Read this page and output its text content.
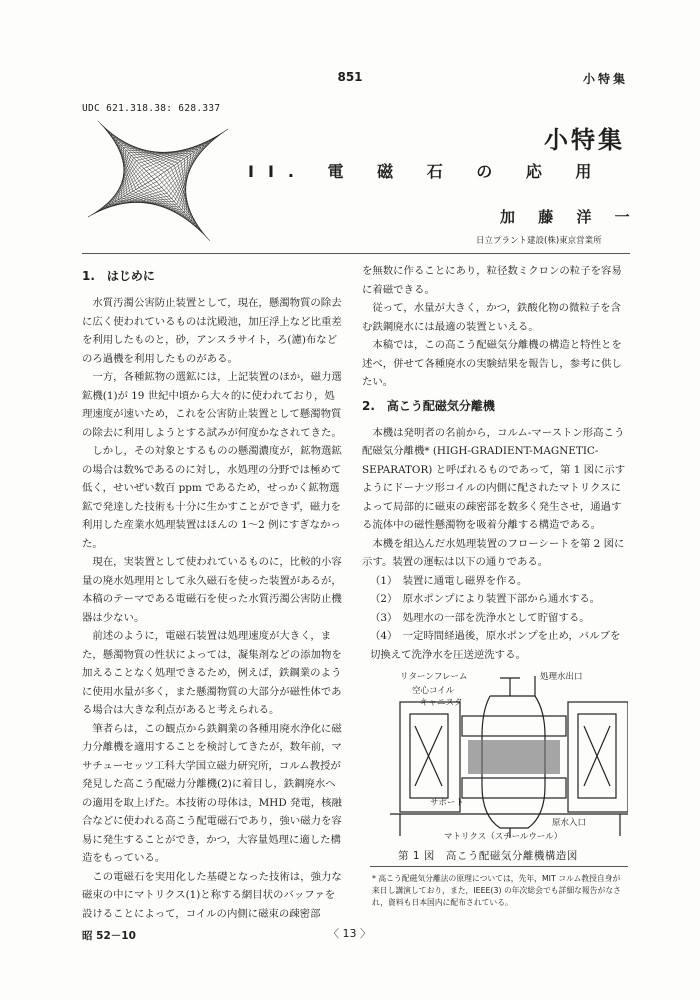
851	小特集
UDC 621.318.38: 628.337
小特集
II. 電 磁 石 の 応 用
加 藤 洋 一
日立プラント建設(株)東京営業所
1.　はじめに

水質汚濁公害防止装置として，現在，懸濁物質の除去に広く使われているものは沈殿池，加圧浮上など比重差を利用したものと，砂，アンスラサイト，ろ(濾)布などのろ過機を利用したものがある。

一方，各種鉱物の選鉱には，上記装置のほか，磁力選鉱機(1)が 19 世紀中頃から大々的に使われており，処理速度が速いため，これを公害防止装置として懸濁物質の除去に利用しようとする試みが何度かなされてきた。

しかし，その対象とするものの懸濁濃度が，鉱物選鉱の場合は数%であるのに対し，水処理の分野では極めて低く，せいぜい数百 ppm であるため，せっかく鉱物選鉱で発達した技術も十分に生かすことができず，磁力を利用した産業水処理装置はほんの 1～2 例にすぎなかった。

現在，実装置として使われているものに，比較的小容量の廃水処理用として永久磁石を使った装置があるが，本稿のテーマである電磁石を使った水質汚濁公害防止機器は少ない。

前述のように，電磁石装置は処理速度が大きく，また，懸濁物質の性状によっては，凝集剤などの添加物を加えることなく処理できるため，例えば，鉄鋼業のように使用水量が多く，また懸濁物質の大部分が磁性体である場合は大きな利点があると考えられる。

筆者らは，この観点から鉄鋼業の各種用廃水浄化に磁力分離機を適用することを検討してきたが，数年前，マサチューセッツ工科大学国立磁力研究所，コルム教授が発見した高こう配磁力分離機(2)に着目し，鉄鋼廃水への適用を取上げた。本技術の母体は，MHD 発電，核融合などに使われる高こう配電磁石であり，強い磁力を容易に発生することができ，かつ，大容量処理に適した構造をもっている。

この電磁石を実用化した基礎となった技術は，強力な磁束の中にマトリクス(1)と称する網目状のバッファを設けることによって，コイルの内側に磁束の疎密部

を無数に作ることにあり，粒径数ミクロンの粒子を容易に着磁できる。

従って，水量が大きく，かつ，鉄酸化物の微粒子を含む鉄鋼廃水には最適の装置といえる。

本稿では，この高こう配磁気分離機の構造と特性とを述べ，併せて各種廃水の実験結果を報告し，参考に供したい。

2.　高こう配磁気分離機

本機は発明者の名前から，コルム-マーストン形高こう配磁気分離機* (HIGH-GRADIENT-MAGNETIC-SEPARATOR) と呼ばれるものであって，第 1 図に示すようにドーナツ形コイルの内側に配されたマトリクスによって局部的に磁束の疎密部を数多く発生させ，通過する流体中の磁性懸濁物を吸着分離する構造である。

本機を組込んだ水処理装置のフローシートを第 2 図に示す。装置の運転は以下の通りである。

（1）　装置に通電し磁界を作る。
（2）　原水ポンプにより装置下部から通水する。
（3）　処理水の一部を洗浄水として貯留する。
（4）　一定時間経過後，原水ポンプを止め，バルブを切換えて洗浄水を圧送逆洗する。
リターンフレーム
空心コイル
キャニスタ
処理水出口
サポート
原水入口
マトリクス（スチールウール）
第 1 図　高こう配磁気分離機構造図
* 高こう配磁気分離法の原理については，先年，MIT コルム教授自身が来日し講演しており，また，IEEE(3) の年次総会でも詳細な報告がなされ，資料も日本国内に配布されている。
昭 52－10	〈 13 〉
